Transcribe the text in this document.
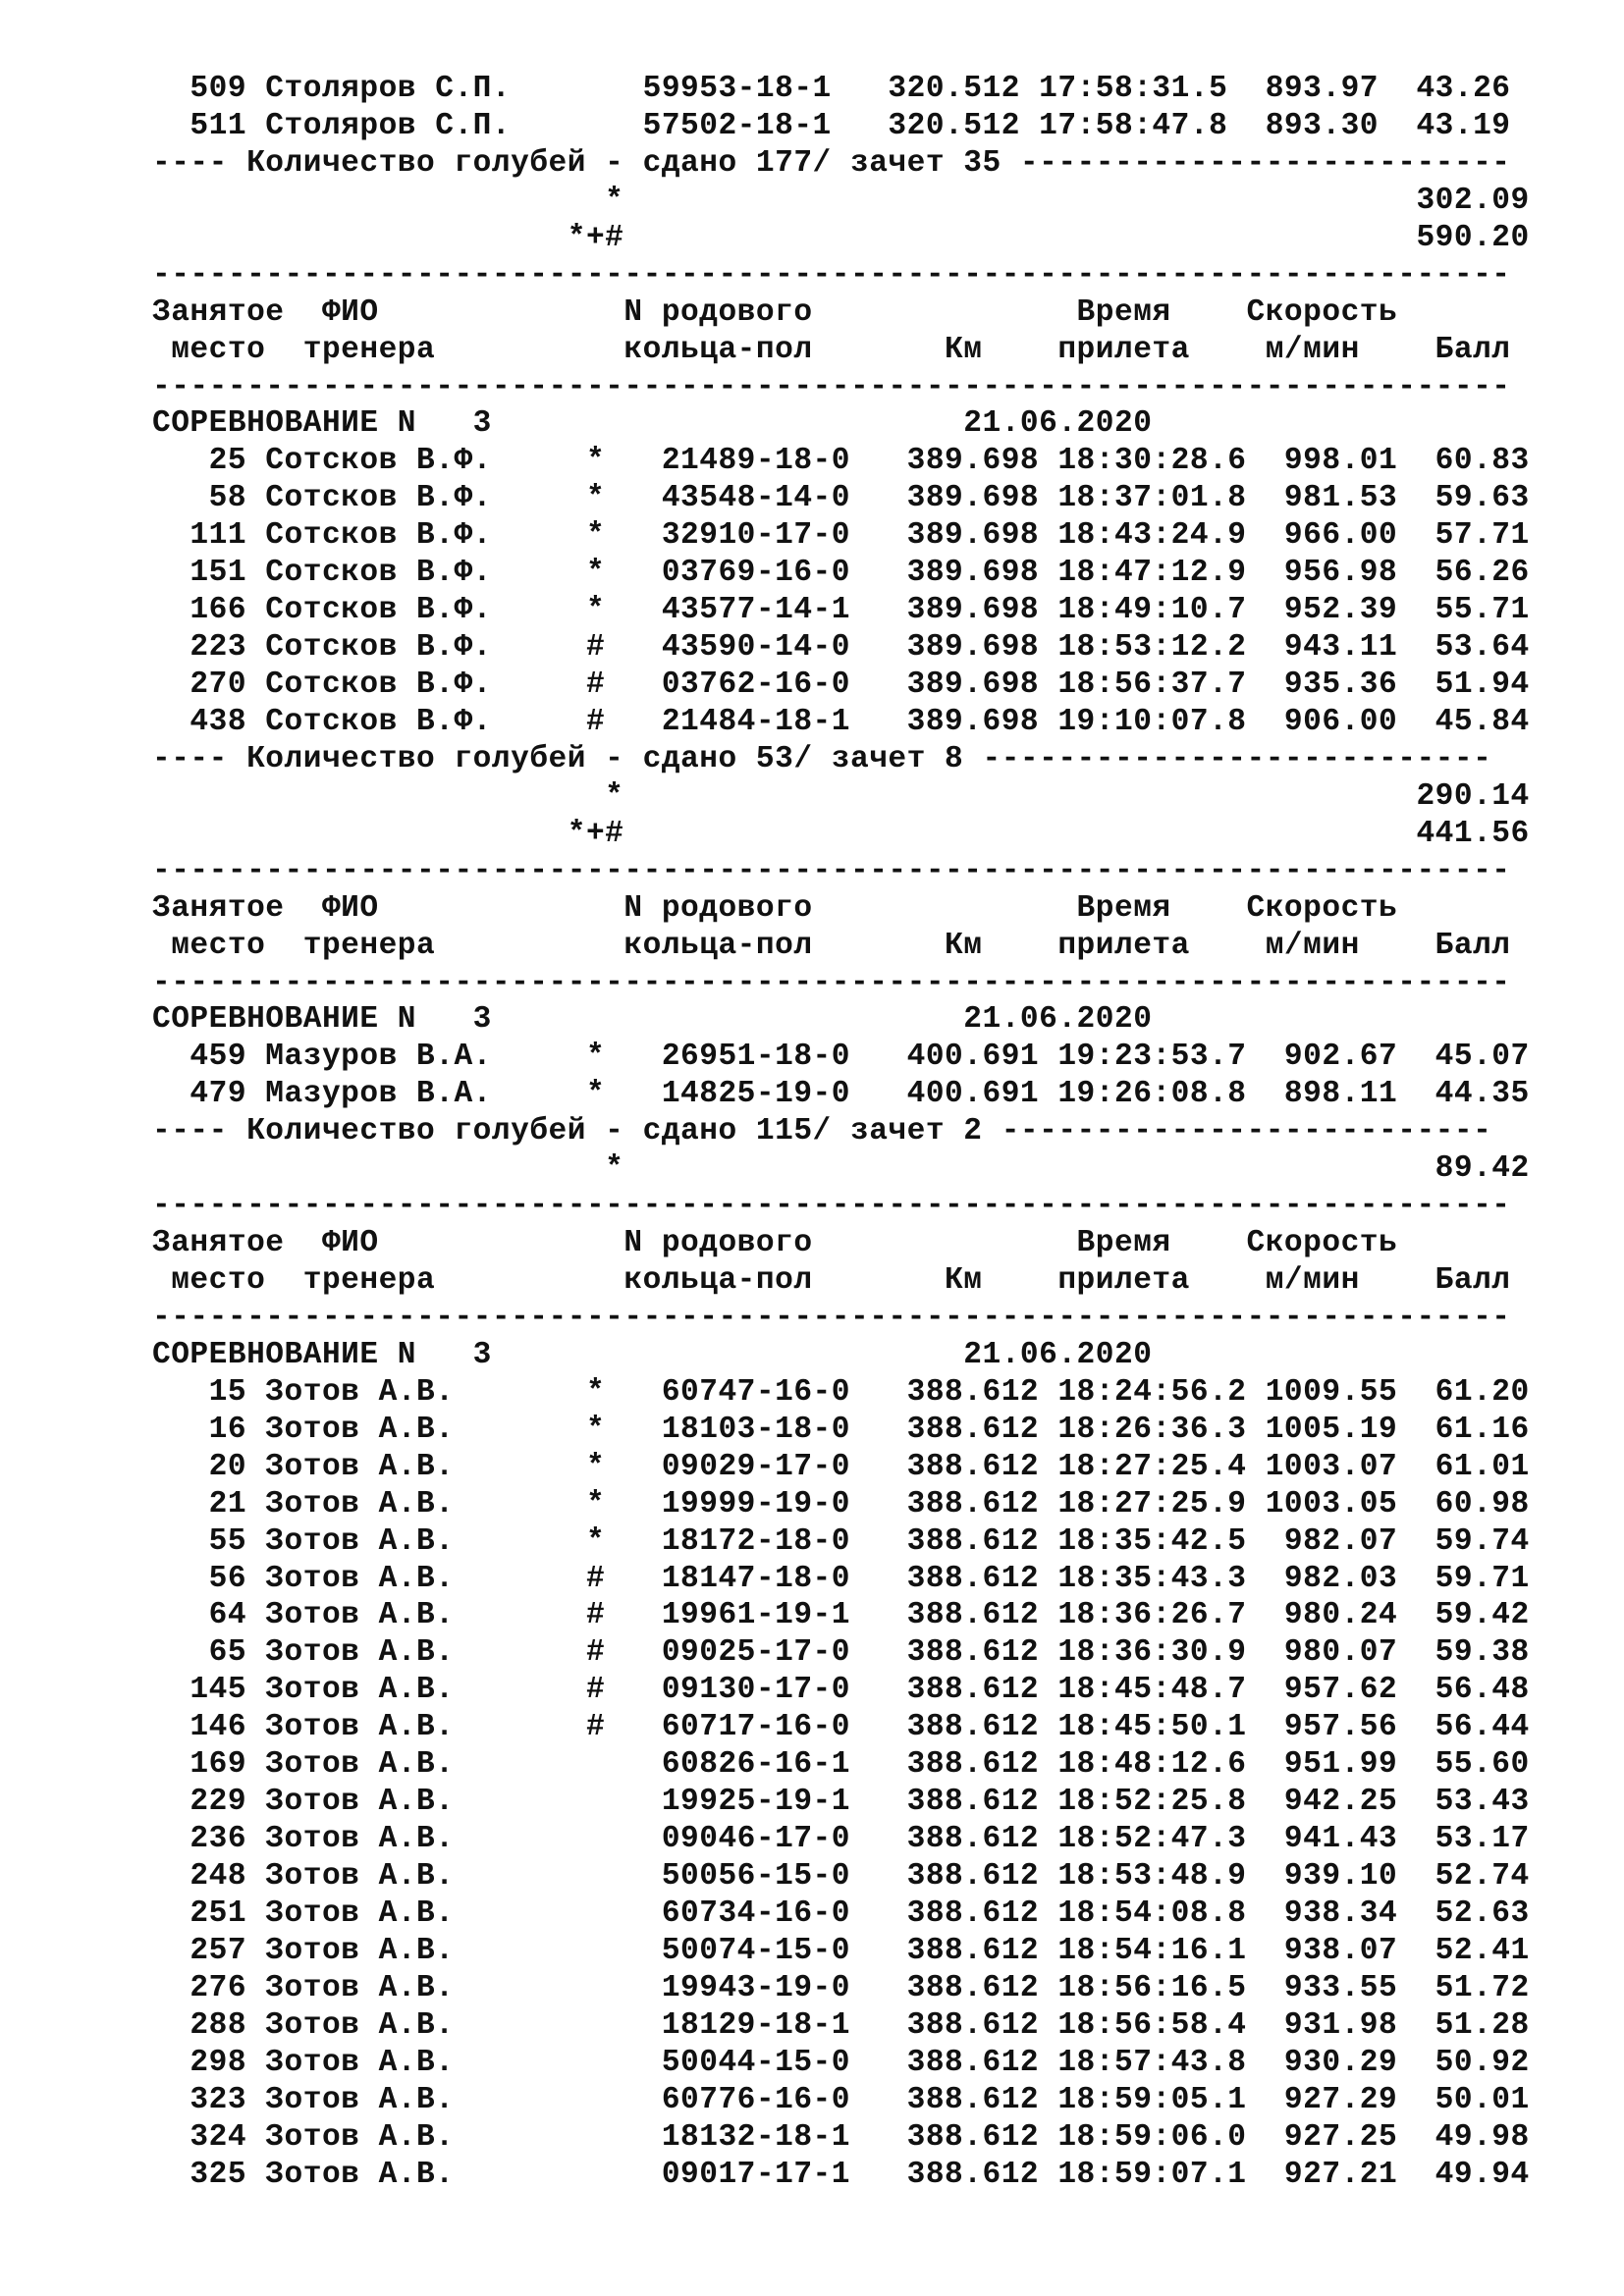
509 Столяров С.П.       59953-18-1   320.512 17:58:31.5  893.97  43.26
511 Столяров С.П.       57502-18-1   320.512 17:58:47.8  893.30  43.19
---- Количество голубей - сдано 177/ зачет 35 --------------------------
*                                          302.09
*+#                                          590.20
------------------------------------------------------------------------
Занятое  ФИО             N родового              Время    Скорость
место  тренера          кольца-пол       Км    прилета    м/мин    Балл
------------------------------------------------------------------------
СОРЕВНОВАНИЕ N   3                         21.06.2020
25 Сотсков В.Ф.     *   21489-18-0   389.698 18:30:28.6  998.01  60.83
58 Сотсков В.Ф.     *   43548-14-0   389.698 18:37:01.8  981.53  59.63
111 Сотсков В.Ф.     *   32910-17-0   389.698 18:43:24.9  966.00  57.71
151 Сотсков В.Ф.     *   03769-16-0   389.698 18:47:12.9  956.98  56.26
166 Сотсков В.Ф.     *   43577-14-1   389.698 18:49:10.7  952.39  55.71
223 Сотсков В.Ф.     #   43590-14-0   389.698 18:53:12.2  943.11  53.64
270 Сотсков В.Ф.     #   03762-16-0   389.698 18:56:37.7  935.36  51.94
438 Сотсков В.Ф.     #   21484-18-1   389.698 19:10:07.8  906.00  45.84
---- Количество голубей - сдано 53/ зачет 8 ---------------------------
*                                          290.14
*+#                                          441.56
------------------------------------------------------------------------
Занятое  ФИО             N родового              Время    Скорость
место  тренера          кольца-пол       Км    прилета    м/мин    Балл
------------------------------------------------------------------------
СОРЕВНОВАНИЕ N   3                         21.06.2020
459 Мазуров В.А.     *   26951-18-0   400.691 19:23:53.7  902.67  45.07
479 Мазуров В.А.     *   14825-19-0   400.691 19:26:08.8  898.11  44.35
---- Количество голубей - сдано 115/ зачет 2 --------------------------
*                                           89.42
------------------------------------------------------------------------
Занятое  ФИО             N родового              Время    Скорость
место  тренера          кольца-пол       Км    прилета    м/мин    Балл
------------------------------------------------------------------------
СОРЕВНОВАНИЕ N   3                         21.06.2020
15 Зотов А.В.       *   60747-16-0   388.612 18:24:56.2 1009.55  61.20
16 Зотов А.В.       *   18103-18-0   388.612 18:26:36.3 1005.19  61.16
20 Зотов А.В.       *   09029-17-0   388.612 18:27:25.4 1003.07  61.01
21 Зотов А.В.       *   19999-19-0   388.612 18:27:25.9 1003.05  60.98
55 Зотов А.В.       *   18172-18-0   388.612 18:35:42.5  982.07  59.74
56 Зотов А.В.       #   18147-18-0   388.612 18:35:43.3  982.03  59.71
64 Зотов А.В.       #   19961-19-1   388.612 18:36:26.7  980.24  59.42
65 Зотов А.В.       #   09025-17-0   388.612 18:36:30.9  980.07  59.38
145 Зотов А.В.       #   09130-17-0   388.612 18:45:48.7  957.62  56.48
146 Зотов А.В.       #   60717-16-0   388.612 18:45:50.1  957.56  56.44
169 Зотов А.В.           60826-16-1   388.612 18:48:12.6  951.99  55.60
229 Зотов А.В.           19925-19-1   388.612 18:52:25.8  942.25  53.43
236 Зотов А.В.           09046-17-0   388.612 18:52:47.3  941.43  53.17
248 Зотов А.В.           50056-15-0   388.612 18:53:48.9  939.10  52.74
251 Зотов А.В.           60734-16-0   388.612 18:54:08.8  938.34  52.63
257 Зотов А.В.           50074-15-0   388.612 18:54:16.1  938.07  52.41
276 Зотов А.В.           19943-19-0   388.612 18:56:16.5  933.55  51.72
288 Зотов А.В.           18129-18-1   388.612 18:56:58.4  931.98  51.28
298 Зотов А.В.           50044-15-0   388.612 18:57:43.8  930.29  50.92
323 Зотов А.В.           60776-16-0   388.612 18:59:05.1  927.29  50.01
324 Зотов А.В.           18132-18-1   388.612 18:59:06.0  927.25  49.98
325 Зотов А.В.           09017-17-1   388.612 18:59:07.1  927.21  49.94
